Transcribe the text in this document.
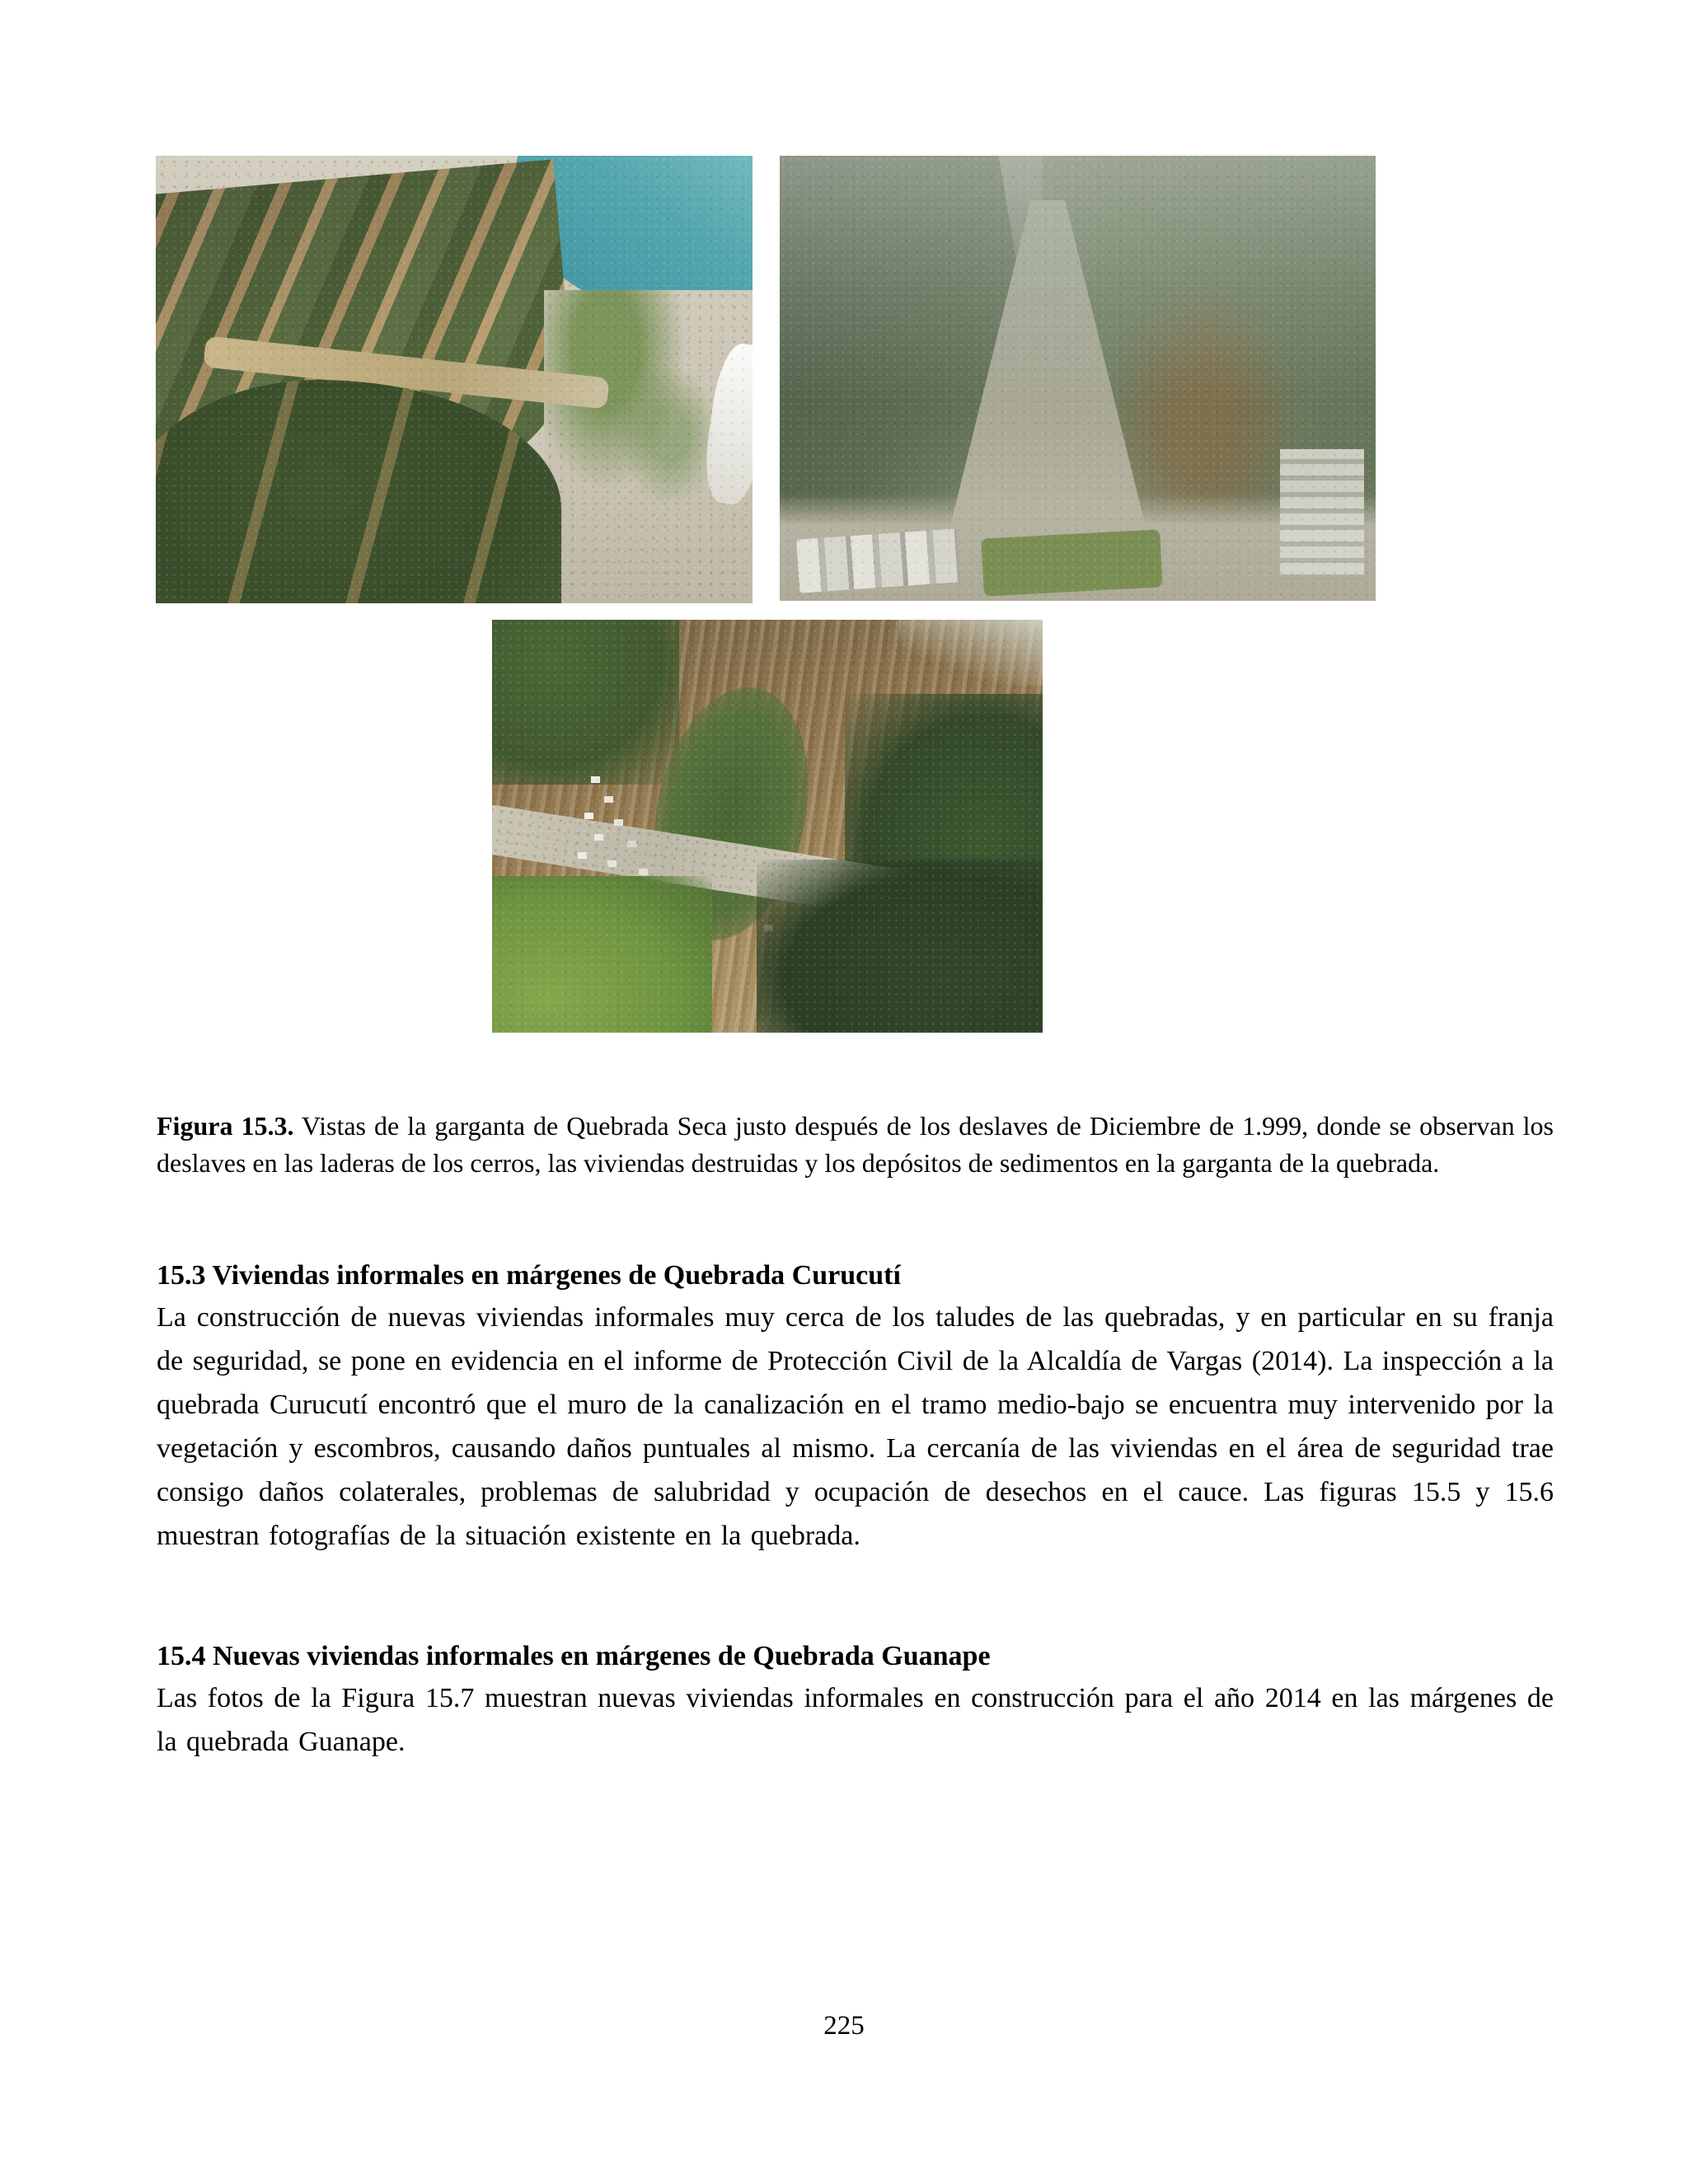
Figura 15.3. Vistas de la garganta de Quebrada Seca justo después de los deslaves de Diciembre de 1.999, donde se observan los deslaves en las laderas de los cerros, las viviendas destruidas y los depósitos de sedimentos en la garganta de la quebrada.

15.3 Viviendas informales en márgenes de Quebrada Curucutí

La construcción de nuevas viviendas informales muy cerca de los taludes de las quebradas, y en particular en su franja de seguridad, se pone en evidencia en el informe de Protección Civil de la Alcaldía de Vargas (2014). La inspección a la quebrada Curucutí encontró que el muro de la canalización en el tramo medio-bajo se encuentra muy intervenido por la vegetación y escombros, causando daños puntuales al mismo. La cercanía de las viviendas en el área de seguridad trae consigo daños colaterales, problemas de salubridad y ocupación de desechos en el cauce. Las figuras 15.5 y 15.6 muestran fotografías de la situación existente en la quebrada.

15.4 Nuevas viviendas informales en márgenes de Quebrada Guanape

Las fotos de la Figura 15.7 muestran nuevas viviendas informales en construcción para el año 2014 en las márgenes de la quebrada Guanape.

225
